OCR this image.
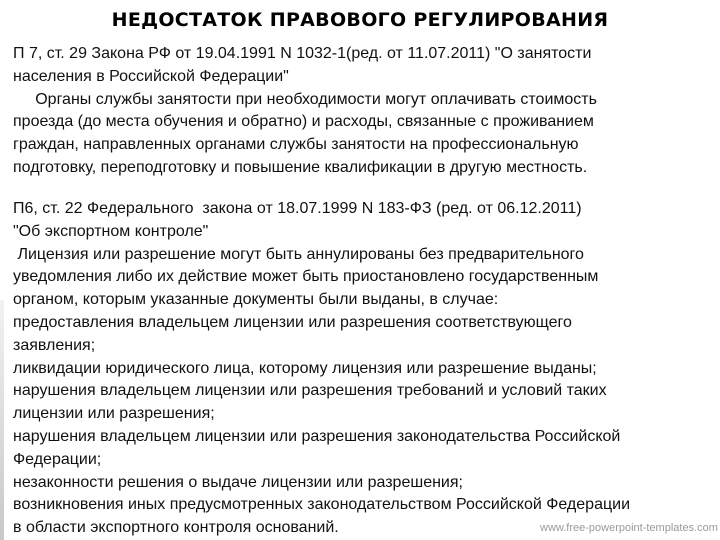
НЕДОСТАТОК ПРАВОВОГО РЕГУЛИРОВАНИЯ
П 7, ст. 29 Закона РФ от 19.04.1991 N 1032-1(ред. от 11.07.2011) "О занятости
населения в Российской Федерации"
Органы службы занятости при необходимости могут оплачивать стоимость
проезда (до места обучения и обратно) и расходы, связанные с проживанием
граждан, направленных органами службы занятости на профессиональную
подготовку, переподготовку и повышение квалификации в другую местность.
П6, ст. 22 Федерального  закона от 18.07.1999 N 183-ФЗ (ред. от 06.12.2011)
"Об экспортном контроле"
Лицензия или разрешение могут быть аннулированы без предварительного
уведомления либо их действие может быть приостановлено государственным
органом, которым указанные документы были выданы, в случае:
предоставления владельцем лицензии или разрешения соответствующего
заявления;
ликвидации юридического лица, которому лицензия или разрешение выданы;
нарушения владельцем лицензии или разрешения требований и условий таких
лицензии или разрешения;
нарушения владельцем лицензии или разрешения законодательства Российской
Федерации;
незаконности решения о выдаче лицензии или разрешения;
возникновения иных предусмотренных законодательством Российской Федерации
в области экспортного контроля оснований.	www.free-powerpoint-templates.com
